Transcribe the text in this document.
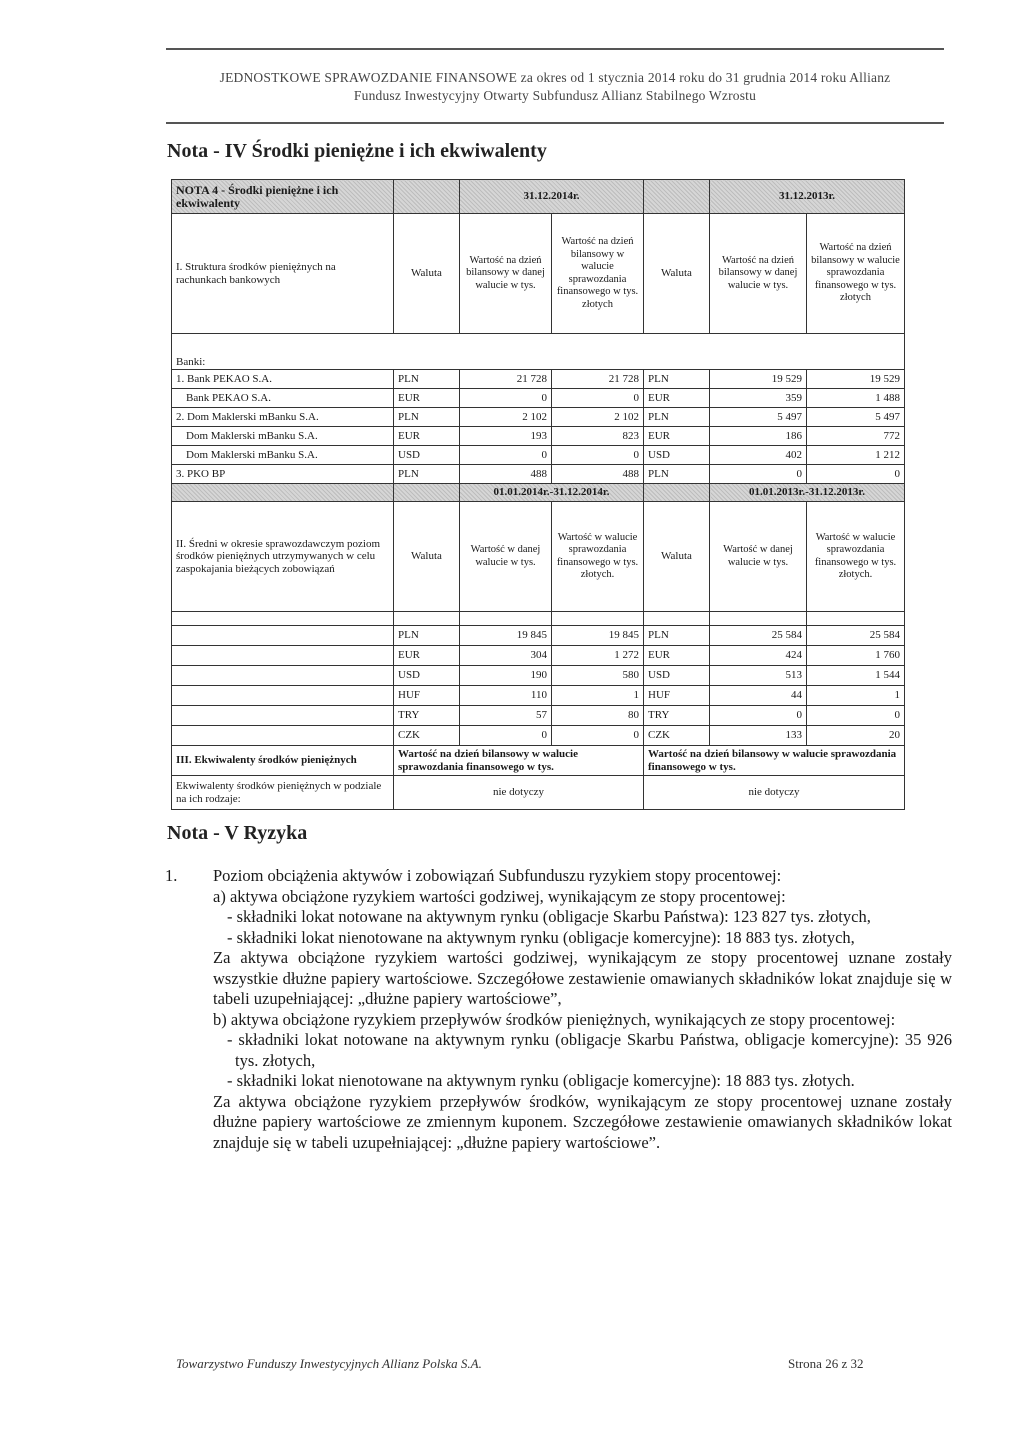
JEDNOSTKOWE SPRAWOZDANIE FINANSOWE za okres od 1 stycznia 2014 roku do 31 grudnia 2014 roku Allianz
Fundusz Inwestycyjny Otwarty Subfundusz Allianz Stabilnego Wzrostu
Nota - IV Środki pieniężne i ich ekwiwalenty
NOTA 4 - Środki pieniężne i ich ekwiwalenty		31.12.2014r.			31.12.2013r.	
I. Struktura środków pieniężnych na rachunkach bankowych	Waluta	Wartość na dzień bilansowy w danej walucie w tys.	Wartość na dzień bilansowy w walucie sprawozdania finansowego w tys. złotych	Waluta	Wartość na dzień bilansowy w danej walucie w tys.	Wartość na dzień bilansowy w walucie sprawozdania finansowego w tys. złotych
Banki:						
1. Bank PEKAO S.A.	PLN	21 728	21 728	PLN	19 529	19 529
Bank PEKAO S.A.	EUR	0	0	EUR	359	1 488
2. Dom Maklerski mBanku S.A.	PLN	2 102	2 102	PLN	5 497	5 497
Dom Maklerski mBanku S.A.	EUR	193	823	EUR	186	772
Dom Maklerski mBanku S.A.	USD	0	0	USD	402	1 212
3. PKO BP	PLN	488	488	PLN	0	0
		01.01.2014r.-31.12.2014r.			01.01.2013r.-31.12.2013r.	
II. Średni w okresie sprawozdawczym poziom środków pieniężnych utrzymywanych w celu zaspokajania bieżących zobowiązań	Waluta	Wartość w danej walucie w tys.	Wartość w walucie sprawozdania finansowego w tys. złotych.	Waluta	Wartość w danej walucie w tys.	Wartość w walucie sprawozdania finansowego w tys. złotych.

	PLN	19 845	19 845	PLN	25 584	25 584
	EUR	304	1 272	EUR	424	1 760
	USD	190	580	USD	513	1 544
	HUF	110	1	HUF	44	1
	TRY	57	80	TRY	0	0
	CZK	0	0	CZK	133	20
III. Ekwiwalenty środków pieniężnych	Wartość na dzień bilansowy w walucie sprawozdania finansowego w tys.			Wartość na dzień bilansowy w walucie sprawozdania finansowego w tys.		
Ekwiwalenty środków pieniężnych w podziale na ich rodzaje:	nie dotyczy			nie dotyczy		
Nota - V Ryzyka

1. Poziom obciążenia aktywów i zobowiązań Subfunduszu ryzykiem stopy procentowej:

a) aktywa obciążone ryzykiem wartości godziwej, wynikającym ze stopy procentowej:

- składniki lokat notowane na aktywnym rynku (obligacje Skarbu Państwa): 123 827 tys. złotych,

- składniki lokat nienotowane na aktywnym rynku (obligacje komercyjne): 18 883 tys. złotych,

Za aktywa obciążone ryzykiem wartości godziwej, wynikającym ze stopy procentowej uznane zostały wszystkie dłużne papiery wartościowe. Szczegółowe zestawienie omawianych składników lokat znajduje się w tabeli uzupełniającej: „dłużne papiery wartościowe”,

b) aktywa obciążone ryzykiem przepływów środków pieniężnych, wynikających ze stopy procentowej:

- składniki lokat notowane na aktywnym rynku (obligacje Skarbu Państwa, obligacje komercyjne): 35 926 tys. złotych,

- składniki lokat nienotowane na aktywnym rynku (obligacje komercyjne): 18 883 tys. złotych.

Za aktywa obciążone ryzykiem przepływów środków, wynikającym ze stopy procentowej uznane zostały dłużne papiery wartościowe ze zmiennym kuponem. Szczegółowe zestawienie omawianych składników lokat znajduje się w tabeli uzupełniającej: „dłużne papiery wartościowe”.

Towarzystwo Funduszy Inwestycyjnych Allianz Polska S.A.	Strona 26 z 32
